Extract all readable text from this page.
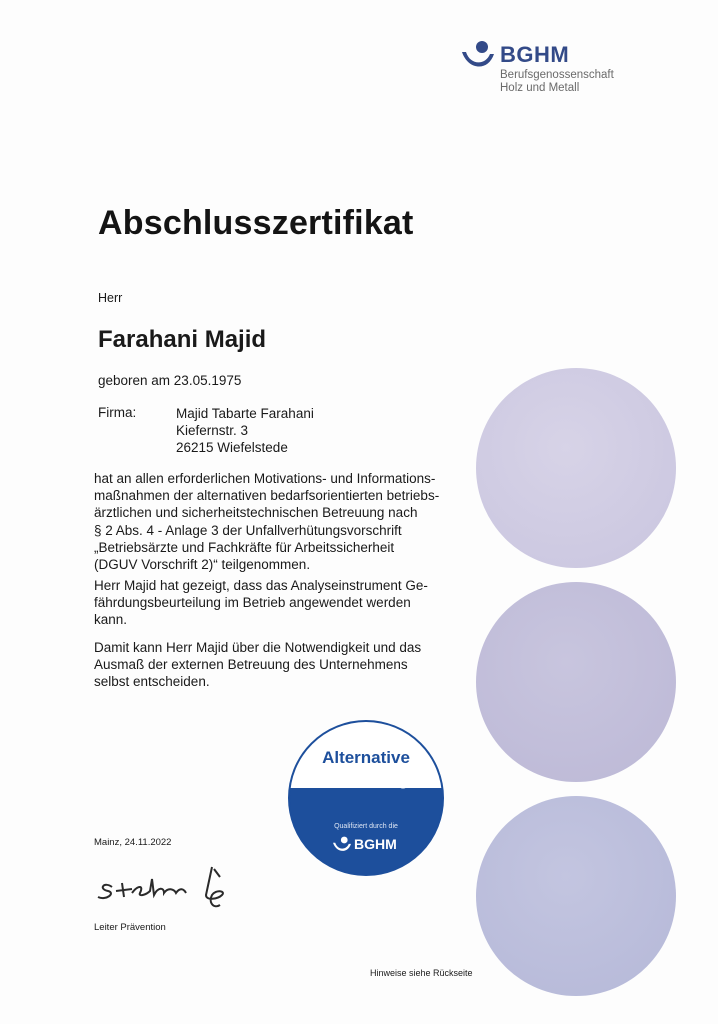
BGHM
Berufsgenossenschaft
Holz und Metall
Abschlusszertifikat
Herr
Farahani Majid
geboren am 23.05.1975
Firma:	Majid Tabarte Farahani
Kiefernstr. 3
26215 Wiefelstede
hat an allen erforderlichen Motivations- und Informations-
maßnahmen der alternativen bedarfsorientierten betriebs-
ärztlichen und sicherheitstechnischen Betreuung nach
§ 2 Abs. 4 - Anlage 3 der Unfallverhütungsvorschrift
„Betriebsärzte und Fachkräfte für Arbeitssicherheit
(DGUV Vorschrift 2)“ teilgenommen.
Herr Majid hat gezeigt, dass das Analyseinstrument Ge-
fährdungsbeurteilung im Betrieb angewendet werden
kann.
Damit kann Herr Majid über die Notwendigkeit und das
Ausmaß der externen Betreuung des Unternehmens
selbst entscheiden.
Alternative
Betreuung
Qualifiziert durch die
BGHM
Mainz, 24.11.2022
Leiter Prävention
Hinweise siehe Rückseite
